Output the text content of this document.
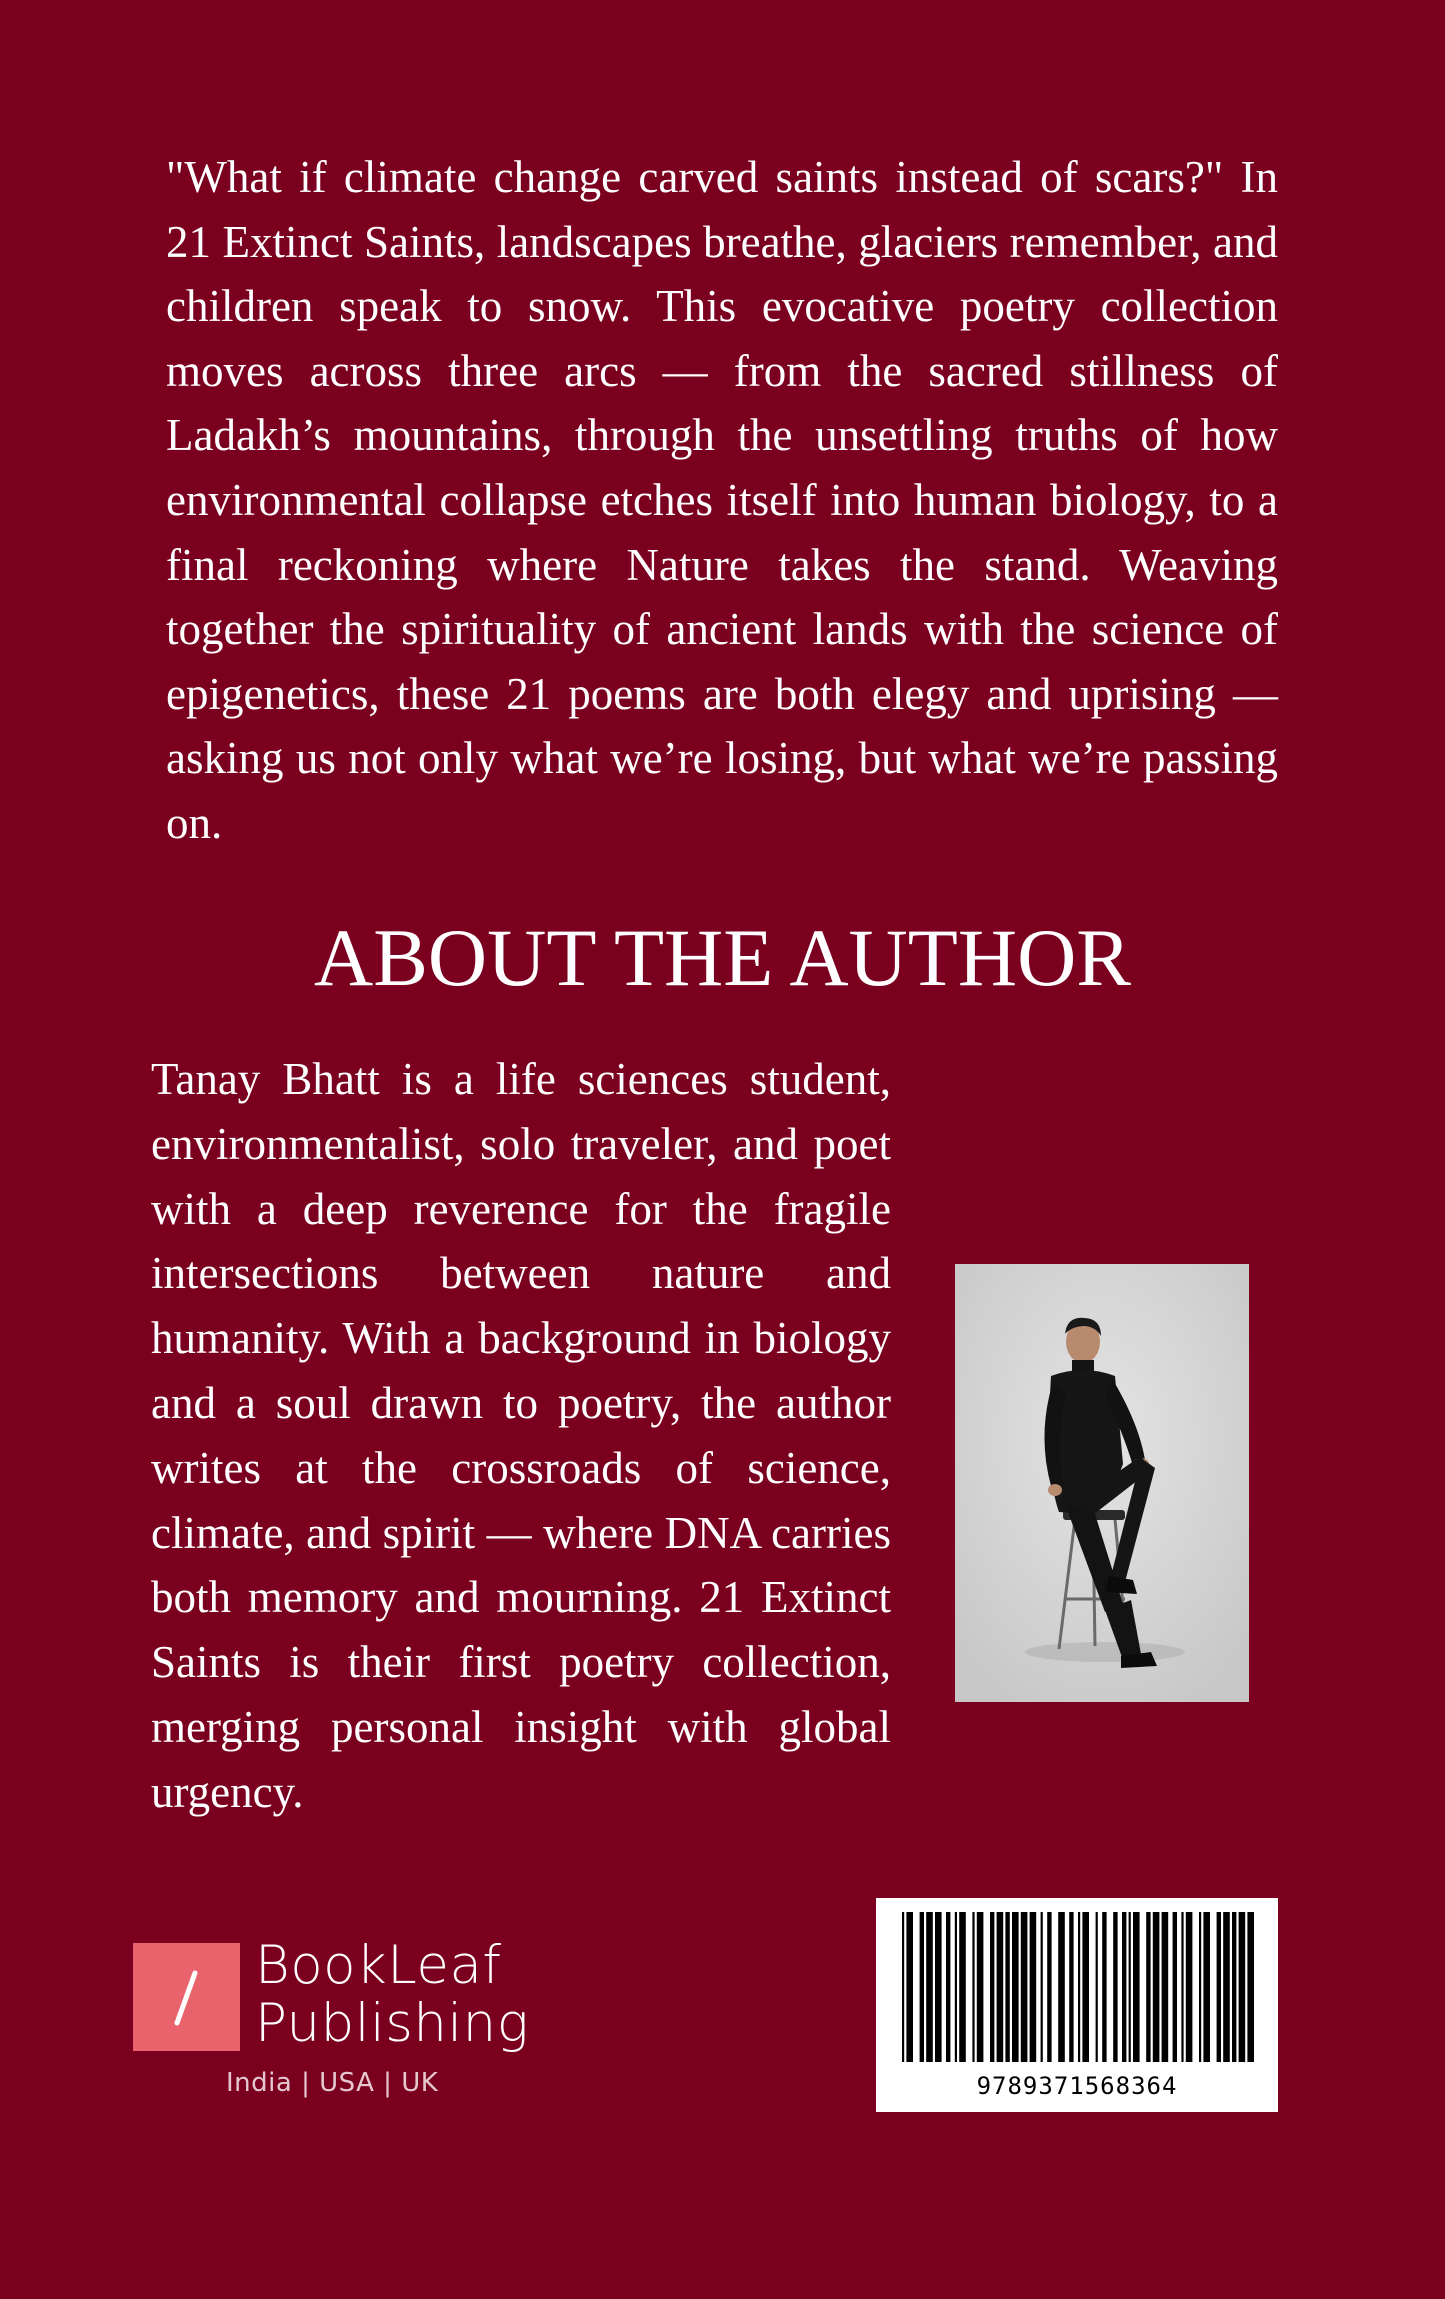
"What if climate change carved saints instead of scars?" In 21 Extinct Saints, landscapes breathe, glaciers remember, and children speak to snow. This evocative poetry collection moves across three arcs — from the sacred stillness of Ladakh’s mountains, through the unsettling truths of how environmental collapse etches itself into human biology, to a final reckoning where Nature takes the stand. Weaving together the spirituality of ancient lands with the science of epigenetics, these 21 poems are both elegy and uprising — asking us not only what we’re losing, but what we’re passing on.

ABOUT THE AUTHOR

Tanay Bhatt is a life sciences student, environmentalist, solo traveler, and poet with a deep reverence for the fragile intersections between nature and humanity. With a background in biology and a soul drawn to poetry, the author writes at the crossroads of science, climate, and spirit — where DNA carries both memory and mourning. 21 Extinct Saints is their first poetry collection, merging personal insight with global urgency.

BookLeaf
Publishing
India | USA | UK	9789371568364
